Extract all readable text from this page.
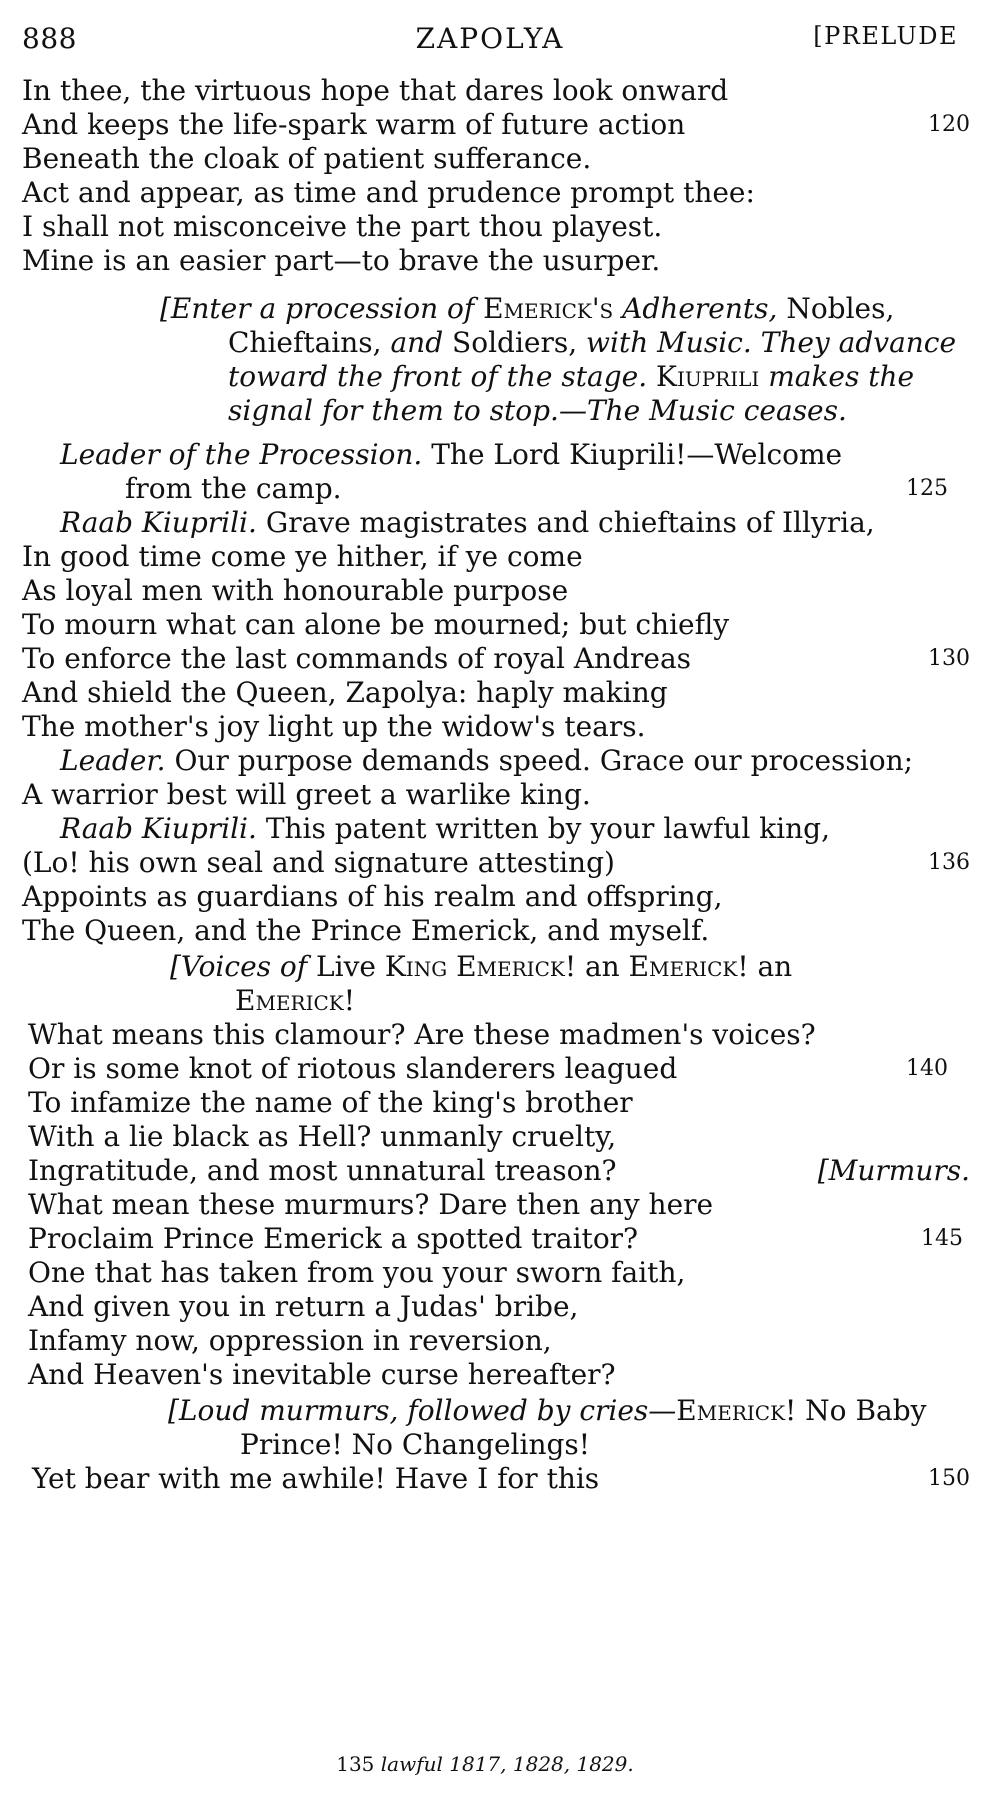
888	ZAPOLYA	[PRELUDE
In thee, the virtuous hope that dares look onward
And keeps the life-spark warm of future action	120
Beneath the cloak of patient sufferance.
Act and appear, as time and prudence prompt thee:
I shall not misconceive the part thou playest.
Mine is an easier part—to brave the usurper.
[Enter a procession of Emerick's Adherents, Nobles,
Chieftains, and Soldiers, with Music. They advance
toward the front of the stage. Kiuprili makes the
signal for them to stop.—The Music ceases.
Leader of the Procession. The Lord Kiuprili!—Welcome
from the camp.	125
Raab Kiuprili. Grave magistrates and chieftains of Illyria,
In good time come ye hither, if ye come
As loyal men with honourable purpose
To mourn what can alone be mourned; but chiefly
To enforce the last commands of royal Andreas	130
And shield the Queen, Zapolya: haply making
The mother's joy light up the widow's tears.
Leader. Our purpose demands speed. Grace our procession;
A warrior best will greet a warlike king.
Raab Kiuprili. This patent written by your lawful king,
(Lo! his own seal and signature attesting)	136
Appoints as guardians of his realm and offspring,
The Queen, and the Prince Emerick, and myself.
[Voices of Live King Emerick! an Emerick! an
Emerick!
What means this clamour? Are these madmen's voices?
Or is some knot of riotous slanderers leagued	140
To infamize the name of the king's brother
With a lie black as Hell? unmanly cruelty,
Ingratitude, and most unnatural treason?	[Murmurs.
What mean these murmurs? Dare then any here
Proclaim Prince Emerick a spotted traitor?	145
One that has taken from you your sworn faith,
And given you in return a Judas' bribe,
Infamy now, oppression in reversion,
And Heaven's inevitable curse hereafter?
[Loud murmurs, followed by cries—Emerick! No Baby
Prince! No Changelings!
Yet bear with me awhile! Have I for this	150
135 lawful 1817, 1828, 1829.
